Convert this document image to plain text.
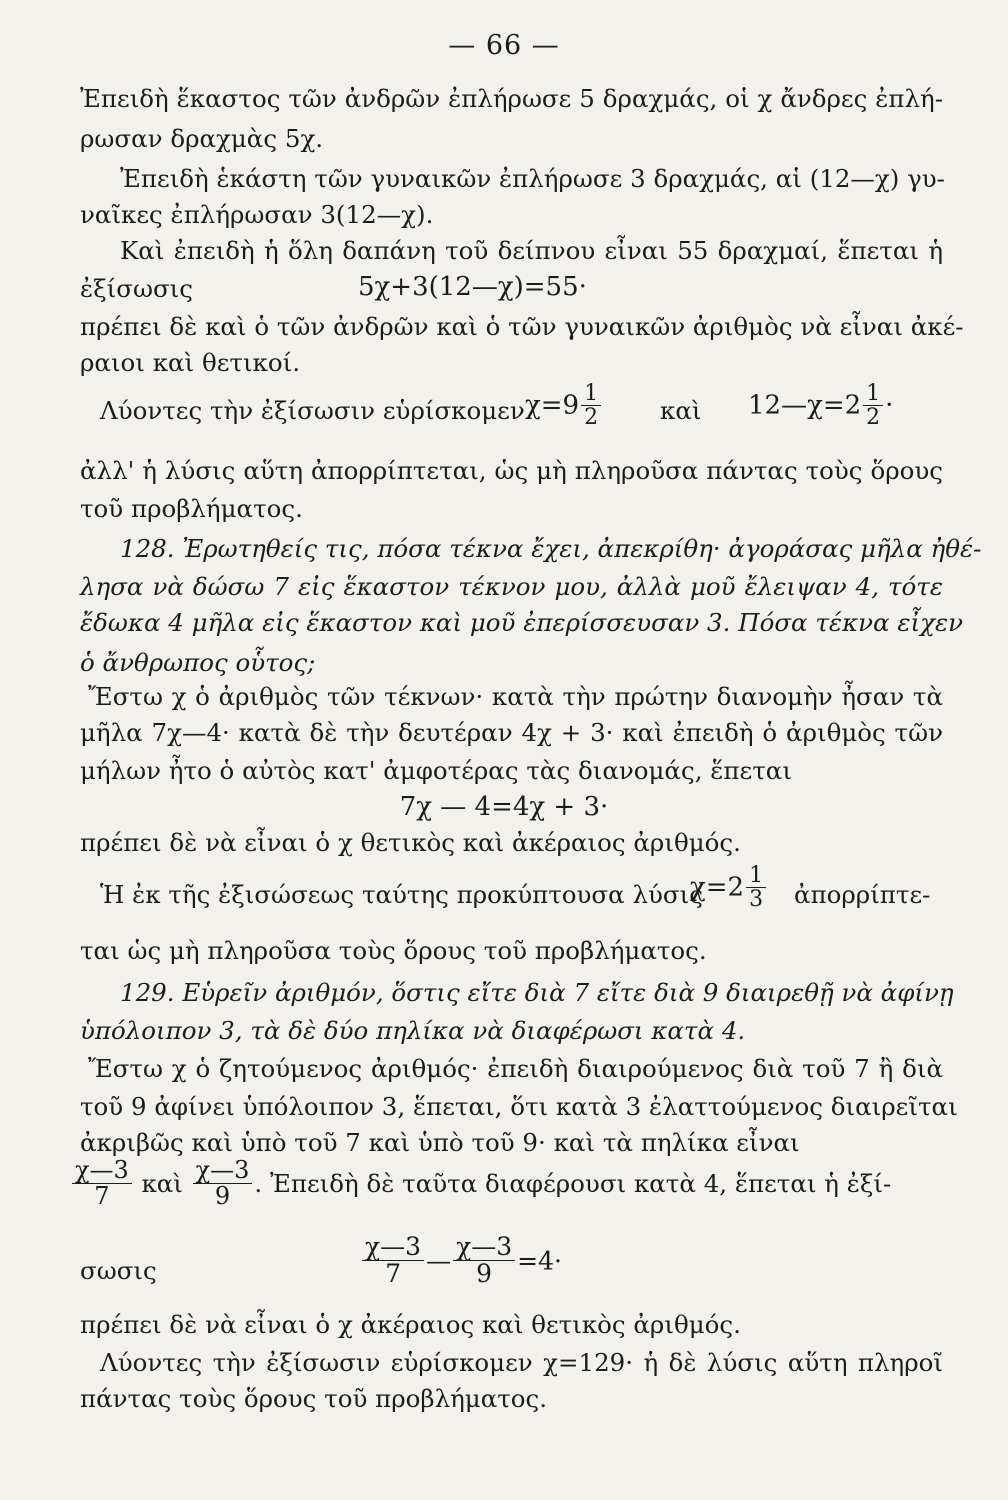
— 66 —
Ἐπειδὴ ἕκαστος τῶν ἀνδρῶν ἐπλήρωσε 5 δραχμάς, οἱ χ ἄνδρες ἐπλή-
ρωσαν δραχμὰς 5χ.
Ἐπειδὴ ἑκάστη τῶν γυναικῶν ἐπλήρωσε 3 δραχμάς, αἱ (12—χ) γυ-
ναῖκες ἐπλήρωσαν 3(12—χ).
Καὶ ἐπειδὴ ἡ ὅλη δαπάνη τοῦ δείπνου εἶναι 55 δραχμαί, ἕπεται ἡ
ἐξίσωσις	5χ+3(12—χ)=55·
πρέπει δὲ καὶ ὁ τῶν ἀνδρῶν καὶ ὁ τῶν γυναικῶν ἀριθμὸς νὰ εἶναι ἀκέ-
ραιοι καὶ θετικοί.
Λύοντες τὴν ἐξίσωσιν εὑρίσκομεν $\chi=9 \frac{1}{2}$ καὶ 12—χ=2 $\frac{1}{2}$ ·
ἀλλ' ἡ λύσις αὕτη ἀπορρίπτεται, ὡς μὴ πληροῦσα πάντας τοὺς ὅρους
τοῦ προβλήματος.
128. Ἐρωτηθείς τις, πόσα τέκνα ἔχει, ἀπεκρίθη· ἀγοράσας μῆλα ἠθέ-
λησα νὰ δώσω 7 εἰς ἕκαστον τέκνον μου, ἀλλὰ μοῦ ἔλειψαν 4, τότε
ἔδωκα 4 μῆλα εἰς ἕκαστον καὶ μοῦ ἐπερίσσευσαν 3. Πόσα τέκνα εἶχεν
ὁ ἄνθρωπος οὗτος;
Ἔστω χ ὁ ἀριθμὸς τῶν τέκνων· κατὰ τὴν πρώτην διανομὴν ἦσαν τὰ
μῆλα 7χ—4· κατὰ δὲ τὴν δευτέραν 4χ + 3· καὶ ἐπειδὴ ὁ ἀριθμὸς τῶν
μήλων ἦτο ὁ αὐτὸς κατ' ἀμφοτέρας τὰς διανομάς, ἕπεται
7χ — 4=4χ + 3·
πρέπει δὲ νὰ εἶναι ὁ χ θετικὸς καὶ ἀκέραιος ἀριθμός.
Ἡ ἐκ τῆς ἐξισώσεως ταύτης προκύπτουσα λύσις
$\chi=2 \frac{1}{3}$ ἀπορρίπτε-
ται ὡς μὴ πληροῦσα τοὺς ὅρους τοῦ προβλήματος.
129. Εὑρεῖν ἀριθμόν, ὅστις εἴτε διὰ 7 εἴτε διὰ 9 διαιρεθῇ νὰ ἀφίνῃ
ὑπόλοιπον 3, τὰ δὲ δύο πηλίκα νὰ διαφέρωσι κατὰ 4.
Ἔστω χ ὁ ζητούμενος ἀριθμός· ἐπειδὴ διαιρούμενος διὰ τοῦ 7 ἢ διὰ
τοῦ 9 ἀφίνει ὑπόλοιπον 3, ἕπεται, ὅτι κατὰ 3 ἐλαττούμενος διαιρεῖται
ἀκριβῶς καὶ ὑπὸ τοῦ 7 καὶ ὑπὸ τοῦ 9· καὶ τὰ πηλίκα εἶναι
$\frac{\chi—3}{7}$ καὶ $\frac{\chi—3}{9}$ . Ἐπειδὴ δὲ ταῦτα διαφέρουσι κατὰ 4, ἕπεται ἡ ἐξί-
σωσις	$\frac{\chi—3}{7}$ — $\frac{\chi—3}{9} =4\cdot$
πρέπει δὲ νὰ εἶναι ὁ χ ἀκέραιος καὶ θετικὸς ἀριθμός.
Λύοντες τὴν ἐξίσωσιν εὑρίσκομεν χ=129· ἡ δὲ λύσις αὕτη πληροῖ
πάντας τοὺς ὅρους τοῦ προβλήματος.
